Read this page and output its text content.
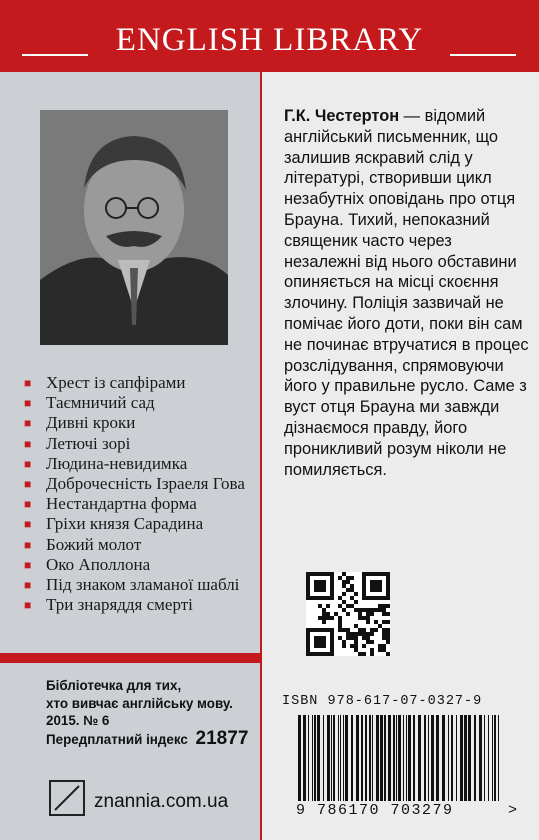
ENGLISH LIBRARY
■ Хрест із сапфірами
■ Таємничий сад
■ Дивні кроки
■ Летючі зорі
■ Людина-невидимка
■ Доброчесність Ізраеля Гова
■ Нестандартна форма
■ Гріхи князя Сарадина
■ Божий молот
■ Око Аполлона
■ Під знаком зламаної шаблі
■ Три знаряддя смерті
Бібліотечка для тих,
хто вивчає англійську мову.
2015. № 6
Передплатний індекс 21877
znannia.com.ua
Г.К. Честертон — відомий англійський письменник, що залишив яскравий слід у літературі, створивши цикл незабутніх оповідань про отця Брауна. Тихий, непоказний священик часто через незалежні від нього обставини опиняється на місці скоєння злочину. Поліція зазвичай не помічає його доти, поки він сам не починає втручатися в процес розслідування, спрямовуючи його у правильне русло. Саме з вуст отця Брауна ми завжди дізнаємося правду, його проникливий розум ніколи не помиляється.
ISBN 978-617-07-0327-9
9 786170 703279	>
